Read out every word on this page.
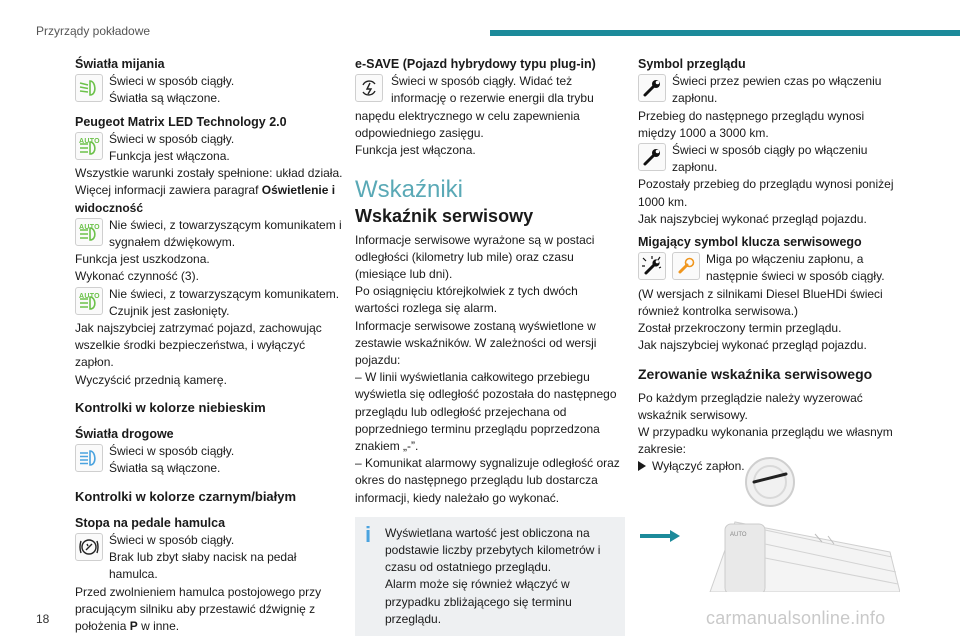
Przyrządy pokładowe
Światła mijania
Świeci w sposób ciągły.
Światła są włączone.
Peugeot Matrix LED Technology 2.0
AUTO Świeci w sposób ciągły.
Funkcja jest włączona.
Wszystkie warunki zostały spełnione: układ działa.
Więcej informacji zawiera paragraf Oświetlenie i widoczność
AUTO Nie świeci, z towarzyszącym komunikatem i sygnałem dźwiękowym.
Funkcja jest uszkodzona.
Wykonać czynność (3).
AUTO Nie świeci, z towarzyszącym komunikatem.
Czujnik jest zasłonięty.
Jak najszybciej zatrzymać pojazd, zachowując wszelkie środki bezpieczeństwa, i wyłączyć zapłon.
Wyczyścić przednią kamerę.
Kontrolki w kolorze niebieskim
Światła drogowe
Świeci w sposób ciągły.
Światła są włączone.
Kontrolki w kolorze czarnym/białym
Stopa na pedale hamulca
Świeci w sposób ciągły.
Brak lub zbyt słaby nacisk na pedał hamulca.
Przed zwolnieniem hamulca postojowego przy pracującym silniku aby przestawić dźwignię z położenia P w inne.
e-SAVE (Pojazd hybrydowy typu plug-in)
Świeci w sposób ciągły. Widać też informację o rezerwie energii dla trybu napędu elektrycznego w celu zapewnienia odpowiedniego zasięgu.
Funkcja jest włączona.
Wskaźniki
Wskaźnik serwisowy
Informacje serwisowe wyrażone są w postaci odległości (kilometry lub mile) oraz czasu (miesiące lub dni).
Po osiągnięciu którejkolwiek z tych dwóch wartości rozlega się alarm.
Informacje serwisowe zostaną wyświetlone w zestawie wskaźników. W zależności od wersji pojazdu:
– W linii wyświetlania całkowitego przebiegu wyświetla się odległość pozostała do następnego przeglądu lub odległość przejechana od poprzedniego terminu przeglądu poprzedzona znakiem „-”.
– Komunikat alarmowy sygnalizuje odległość oraz okres do następnego przeglądu lub dostarcza informacji, kiedy należało go wykonać.
i	Wyświetlana wartość jest obliczona na podstawie liczby przebytych kilometrów i czasu od ostatniego przeglądu.
Alarm może się również włączyć w przypadku zbliżającego się terminu przeglądu.
Symbol przeglądu
Świeci przez pewien czas po włączeniu zapłonu.
Przebieg do następnego przeglądu wynosi między 1000 a 3000 km.
Świeci w sposób ciągły po włączeniu zapłonu.
Pozostały przebieg do przeglądu wynosi poniżej 1000 km.
Jak najszybciej wykonać przegląd pojazdu.
Migający symbol klucza serwisowego
Miga po włączeniu zapłonu, a następnie świeci w sposób ciągły.
(W wersjach z silnikami Diesel BlueHDi świeci również kontrolka serwisowa.)
Został przekroczony termin przeglądu.
Jak najszybciej wykonać przegląd pojazdu.
Zerowanie wskaźnika serwisowego
Po każdym przeglądzie należy wyzerować wskaźnik serwisowy.
W przypadku wykonania przeglądu we własnym zakresie:
Wyłączyć zapłon.
AUTO
18	carmanualsonline.info
